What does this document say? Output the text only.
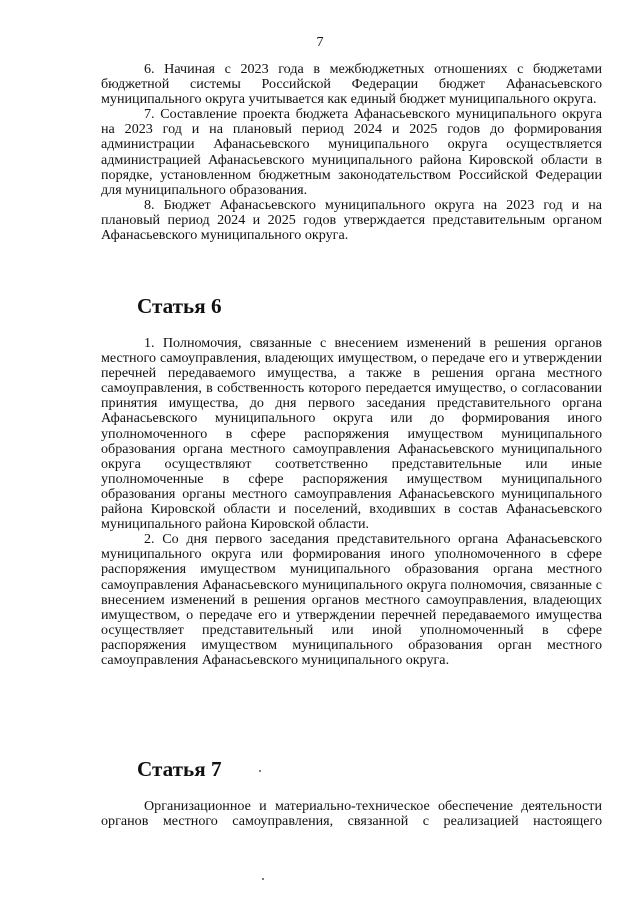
7

6. Начиная с 2023 года в межбюджетных отношениях с бюджетами бюджетной системы Российской Федерации бюджет Афанасьевского муниципального округа учитывается как единый бюджет муниципального округа.

7. Составление проекта бюджета Афанасьевского муниципального округа на 2023 год и на плановый период 2024 и 2025 годов до формирования администрации Афанасьевского муниципального округа осуществляется администрацией Афанасьевского муниципального района Кировской области в порядке, установленном бюджетным законодательством Российской Федерации для муниципального образования.

8. Бюджет Афанасьевского муниципального округа на 2023 год и на плановый период 2024 и 2025 годов утверждается представительным органом Афанасьевского муниципального округа.

Статья 6

1. Полномочия, связанные с внесением изменений в решения органов местного самоуправления, владеющих имуществом, о передаче его и утверждении перечней передаваемого имущества, а также в решения органа местного самоуправления, в собственность которого передается имущество, о согласовании принятия имущества, до дня первого заседания представительного органа Афанасьевского муниципального округа или до формирования иного уполномоченного в сфере распоряжения имуществом муниципального образования органа местного самоуправления Афанасьевского муниципального округа осуществляют соответственно представительные или иные уполномоченные в сфере распоряжения имуществом муниципального образования органы местного самоуправления Афанасьевского муниципального района Кировской области и поселений, входивших в состав Афанасьевского муниципального района Кировской области.

2. Со дня первого заседания представительного органа Афанасьевского муниципального округа или формирования иного уполномоченного в сфере распоряжения имуществом муниципального образования органа местного самоуправления Афанасьевского муниципального округа полномочия, связанные с внесением изменений в решения органов местного самоуправления, владеющих имуществом, о передаче его и утверждении перечней передаваемого имущества осуществляет представительный или иной уполномоченный в сфере распоряжения имуществом муниципального образования орган местного самоуправления Афанасьевского муниципального округа.

Статья 7

Организационное и материально-техническое обеспечение деятельности органов местного самоуправления, связанной с реализацией настоящего
